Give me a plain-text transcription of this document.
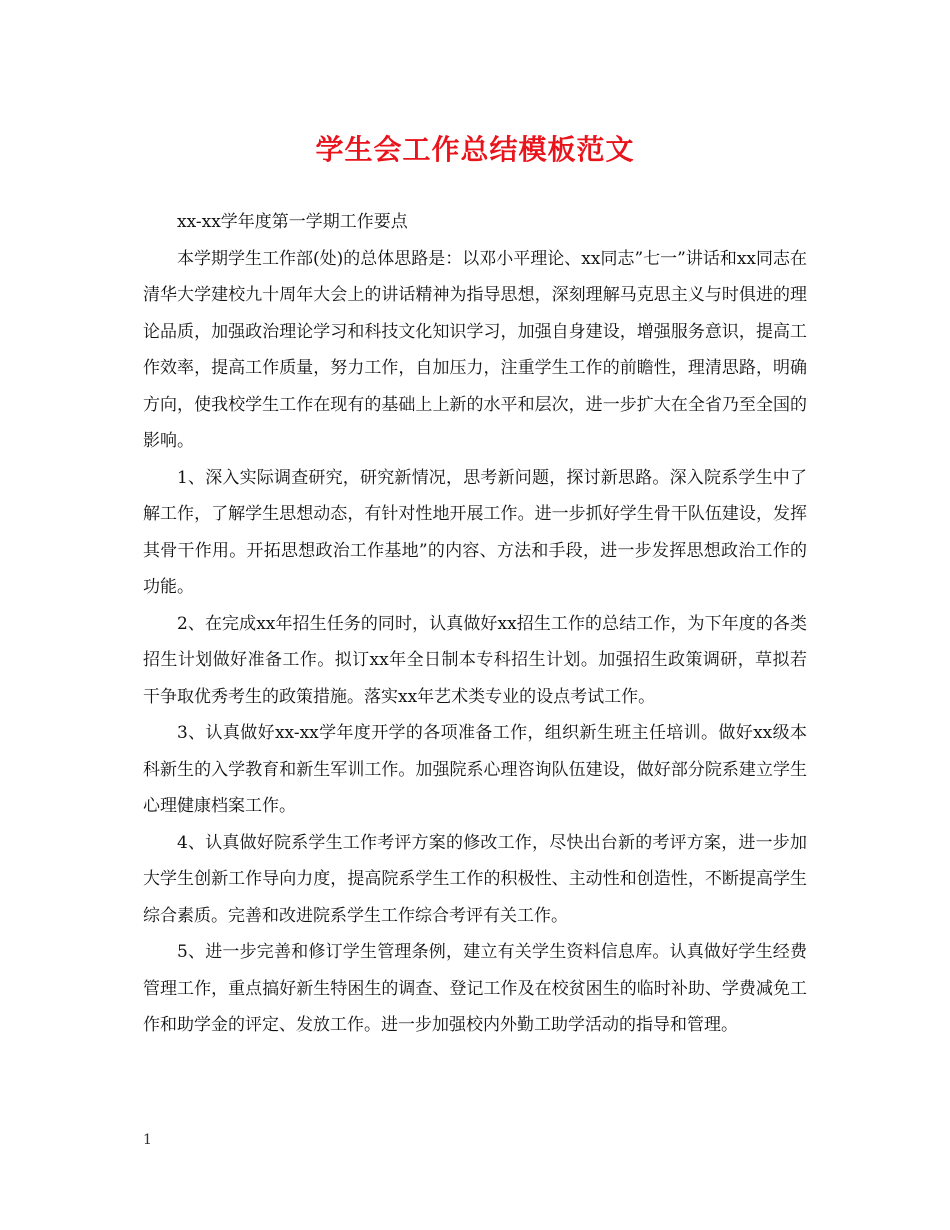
学生会工作总结模板范文

xx-xx学年度第一学期工作要点

本学期学生工作部(处)的总体思路是：以邓小平理论、xx同志”七一”讲话和xx同志在清华大学建校九十周年大会上的讲话精神为指导思想，深刻理解马克思主义与时俱进的理论品质，加强政治理论学习和科技文化知识学习，加强自身建设，增强服务意识，提高工作效率，提高工作质量，努力工作，自加压力，注重学生工作的前瞻性，理清思路，明确方向，使我校学生工作在现有的基础上上新的水平和层次，进一步扩大在全省乃至全国的影响。

1、深入实际调查研究，研究新情况，思考新问题，探讨新思路。深入院系学生中了解工作，了解学生思想动态，有针对性地开展工作。进一步抓好学生骨干队伍建设，发挥其骨干作用。开拓思想政治工作基地”的内容、方法和手段，进一步发挥思想政治工作的功能。

2、在完成xx年招生任务的同时，认真做好xx招生工作的总结工作，为下年度的各类招生计划做好准备工作。拟订xx年全日制本专科招生计划。加强招生政策调研，草拟若干争取优秀考生的政策措施。落实xx年艺术类专业的设点考试工作。

3、认真做好xx-xx学年度开学的各项准备工作，组织新生班主任培训。做好xx级本科新生的入学教育和新生军训工作。加强院系心理咨询队伍建设，做好部分院系建立学生心理健康档案工作。

4、认真做好院系学生工作考评方案的修改工作，尽快出台新的考评方案，进一步加大学生创新工作导向力度，提高院系学生工作的积极性、主动性和创造性，不断提高学生综合素质。完善和改进院系学生工作综合考评有关工作。

5、进一步完善和修订学生管理条例，建立有关学生资料信息库。认真做好学生经费管理工作，重点搞好新生特困生的调查、登记工作及在校贫困生的临时补助、学费减免工作和助学金的评定、发放工作。进一步加强校内外勤工助学活动的指导和管理。

1
